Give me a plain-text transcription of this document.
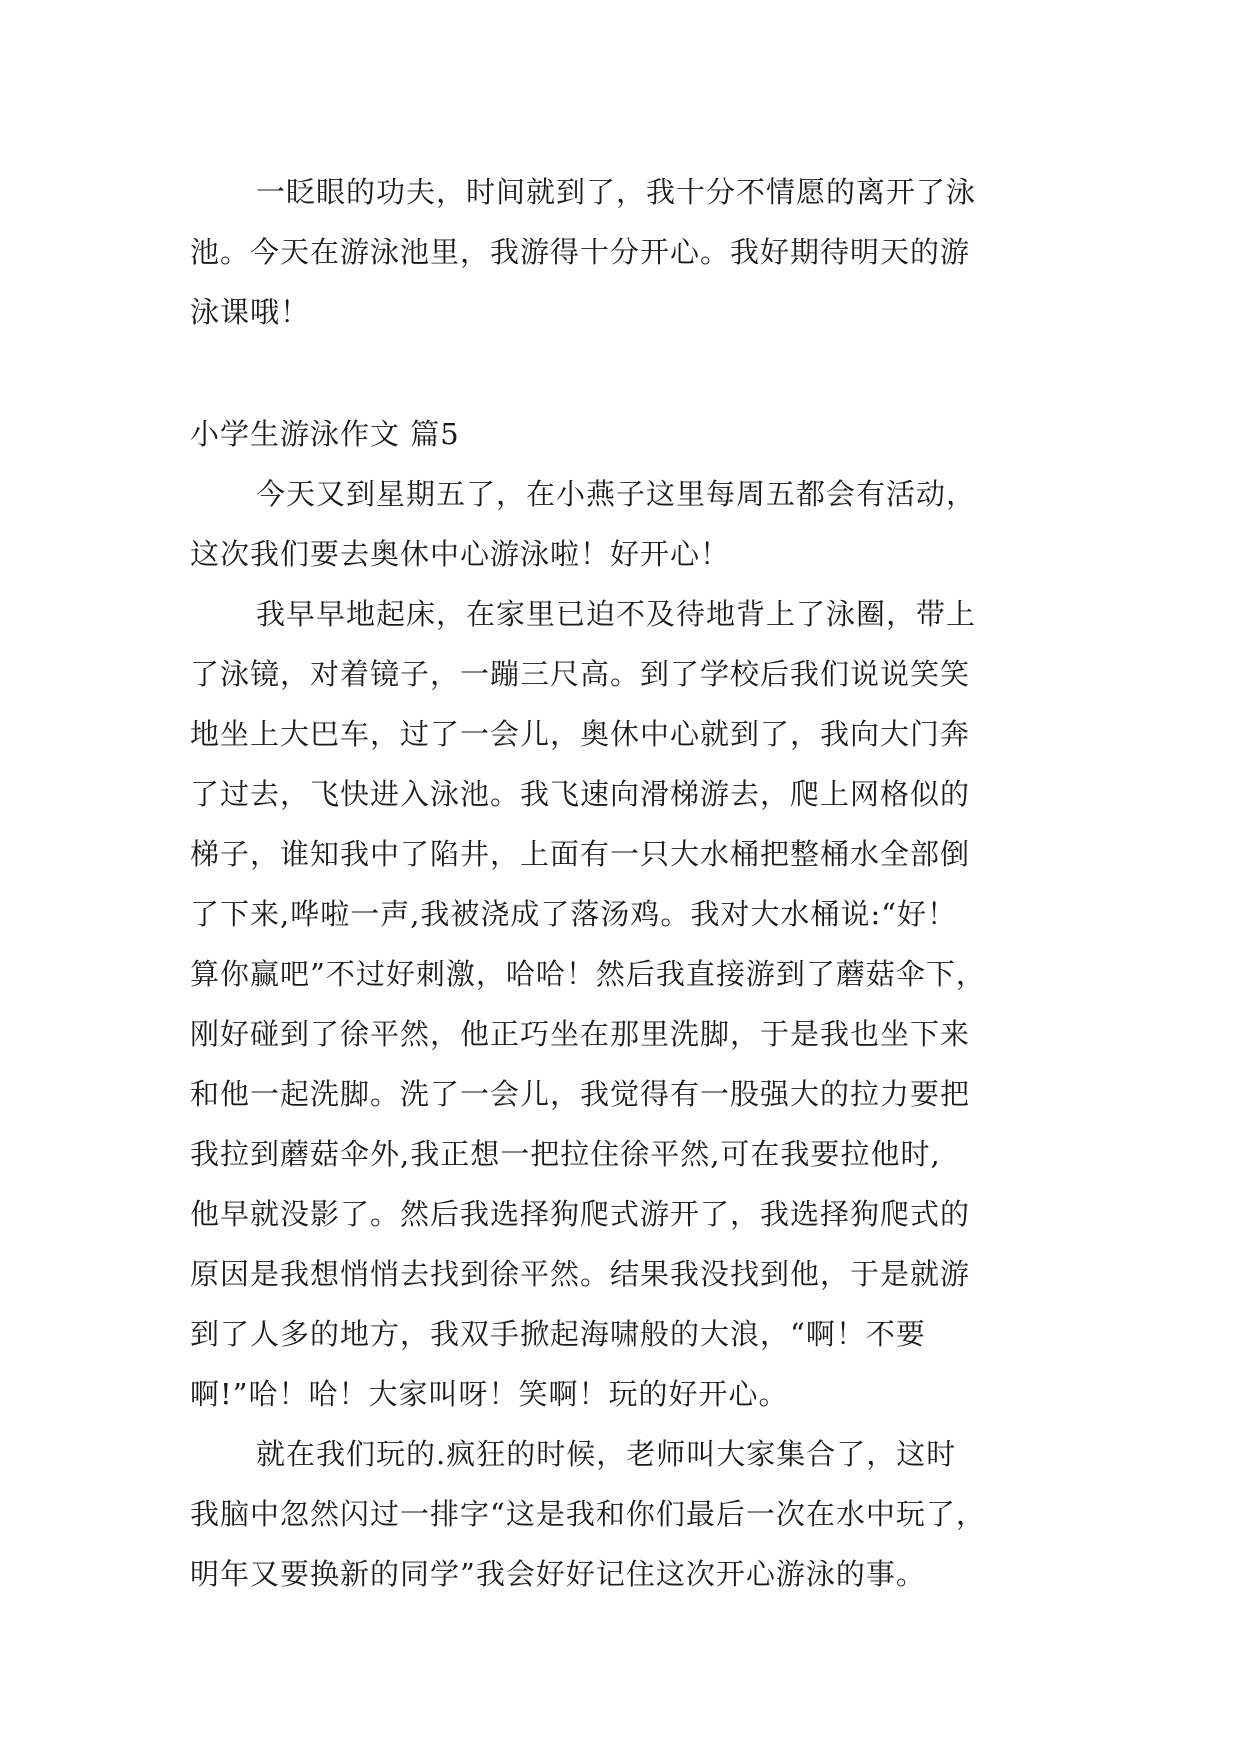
一眨眼的功夫，时间就到了，我十分不情愿的离开了泳
池。今天在游泳池里，我游得十分开心。我好期待明天的游
泳课哦！
小学生游泳作文 篇5
今天又到星期五了，在小燕子这里每周五都会有活动，
这次我们要去奥休中心游泳啦！好开心！
我早早地起床，在家里已迫不及待地背上了泳圈，带上
了泳镜，对着镜子，一蹦三尺高。到了学校后我们说说笑笑
地坐上大巴车，过了一会儿，奥休中心就到了，我向大门奔
了过去，飞快进入泳池。我飞速向滑梯游去，爬上网格似的
梯子，谁知我中了陷井，上面有一只大水桶把整桶水全部倒
了下来,哗啦一声,我被浇成了落汤鸡。我对大水桶说:“好！
算你赢吧”不过好刺激，哈哈！然后我直接游到了蘑菇伞下，
刚好碰到了徐平然，他正巧坐在那里洗脚，于是我也坐下来
和他一起洗脚。洗了一会儿，我觉得有一股强大的拉力要把
我拉到蘑菇伞外,我正想一把拉住徐平然,可在我要拉他时,
他早就没影了。然后我选择狗爬式游开了，我选择狗爬式的
原因是我想悄悄去找到徐平然。结果我没找到他，于是就游
到了人多的地方，我双手掀起海啸般的大浪，“啊！不要
啊!”哈！哈！大家叫呀！笑啊！玩的好开心。
就在我们玩的.疯狂的时候，老师叫大家集合了，这时
我脑中忽然闪过一排字“这是我和你们最后一次在水中玩了，
明年又要换新的同学”我会好好记住这次开心游泳的事。
